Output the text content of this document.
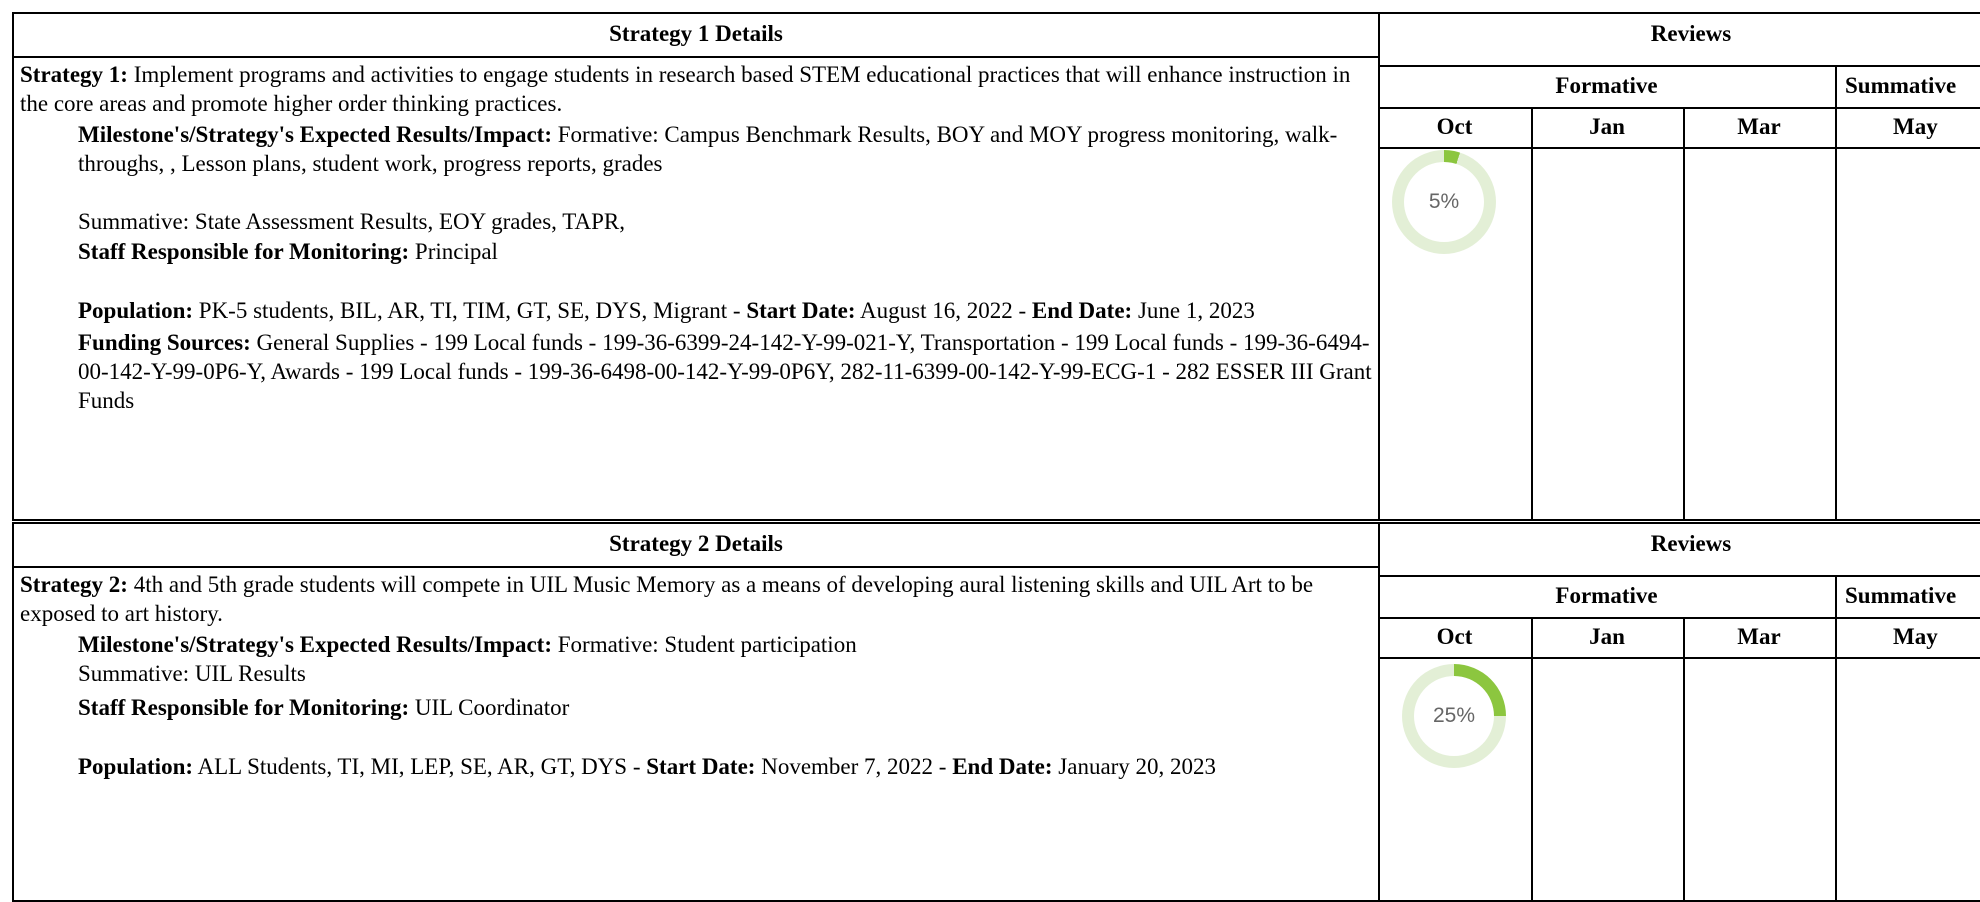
Strategy 1 Details	Reviews
Formative	Summative
Oct	Jan	Mar	May
5%

Strategy 1: Implement programs and activities to engage students in research based STEM educational practices that will enhance instruction in the core areas and promote higher order thinking practices.

Milestone's/Strategy's Expected Results/Impact: Formative: Campus Benchmark Results, BOY and MOY progress monitoring, walk-throughs, , Lesson plans, student work, progress reports, grades

Summative: State Assessment Results, EOY grades, TAPR,

Staff Responsible for Monitoring: Principal

Population: PK-5 students, BIL, AR, TI, TIM, GT, SE, DYS, Migrant - Start Date: August 16, 2022 - End Date: June 1, 2023

Funding Sources: General Supplies - 199 Local funds - 199-36-6399-24-142-Y-99-021-Y, Transportation - 199 Local funds - 199-36-6494-00-142-Y-99-0P6-Y, Awards - 199 Local funds - 199-36-6498-00-142-Y-99-0P6Y, 282-11-6399-00-142-Y-99-ECG-1 - 282 ESSER III Grant Funds

Strategy 2 Details	Reviews
Formative	Summative
Oct	Jan	Mar	May
25%

Strategy 2: 4th and 5th grade students will compete in UIL Music Memory as a means of developing aural listening skills and UIL Art to be exposed to art history.

Milestone's/Strategy's Expected Results/Impact: Formative: Student participation

Summative: UIL Results

Staff Responsible for Monitoring: UIL Coordinator

Population: ALL Students, TI, MI, LEP, SE, AR, GT, DYS - Start Date: November 7, 2022 - End Date: January 20, 2023
